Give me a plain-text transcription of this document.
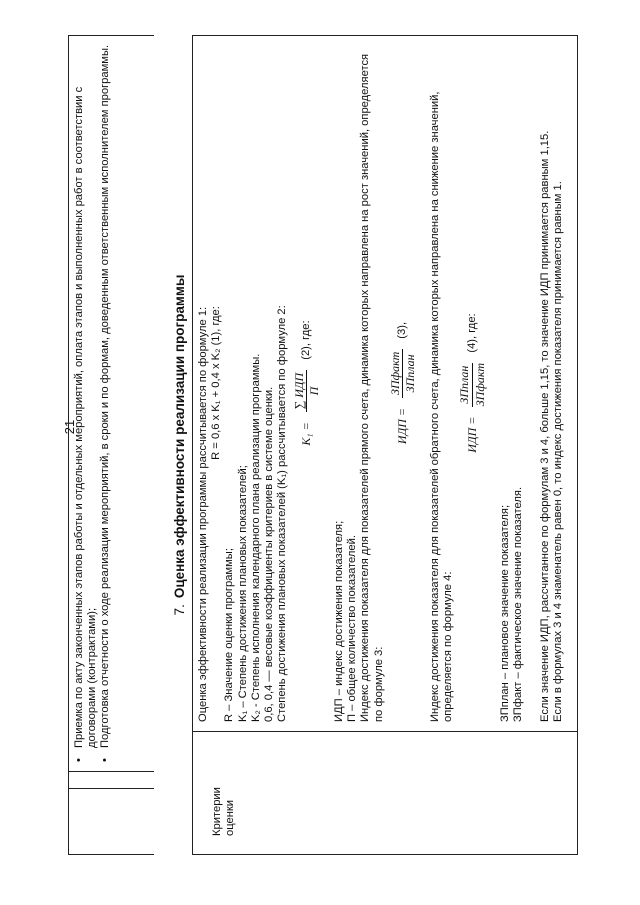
21
• Приемка по акту законченных этапов работы и отдельных мероприятий, оплата этапов и выполненных работ в соответствии с договорами (контрактами);
• Подготовка отчетности о ходе реализации мероприятий, в сроки и по формам, доведенным ответственным исполнителем программы.	7.Оценка эффективности реализации программы
Критерии оценки

Оценка эффективности реализации программы рассчитывается по формуле 1: R = 0,6 x K₁ + 0,4 x K₂ (1), где:

R – Значение оценки программы; K₁ – Степень достижения плановых показателей; K₂ - Степень исполнения календарного плана реализации программы. 0,6, 0,4 — весовые коэффициенты критериев в системе оценки. Степень достижения плановых показателей (K₁) рассчитывается по формуле 2: K₁ =
∑ ИДП П
(2), где:

ИДП – индекс достижения показателя; П – общее количество показателей. Индекс достижения показателя для показателей прямого счета, динамика которых направлена на рост значений, определяется по формуле 3:

ИДП =
ЗПфакт ЗПплан
(3), Индекс достижения показателя для показателей обратного счета, динамика которых направлена на снижение значений, определяется по формуле 4:

ИДП =
ЗПплан ЗПфакт
(4), где:

ЗПплан – плановое значение показателя; ЗПфакт – фактическое значение показателя. Если значение ИДП, рассчитанное по формулам 3 и 4, больше 1,15, то значение ИДП принимается равным 1,15. Если в формулах 3 и 4 знаменатель равен 0, то индекс достижения показателя принимается равным 1.
